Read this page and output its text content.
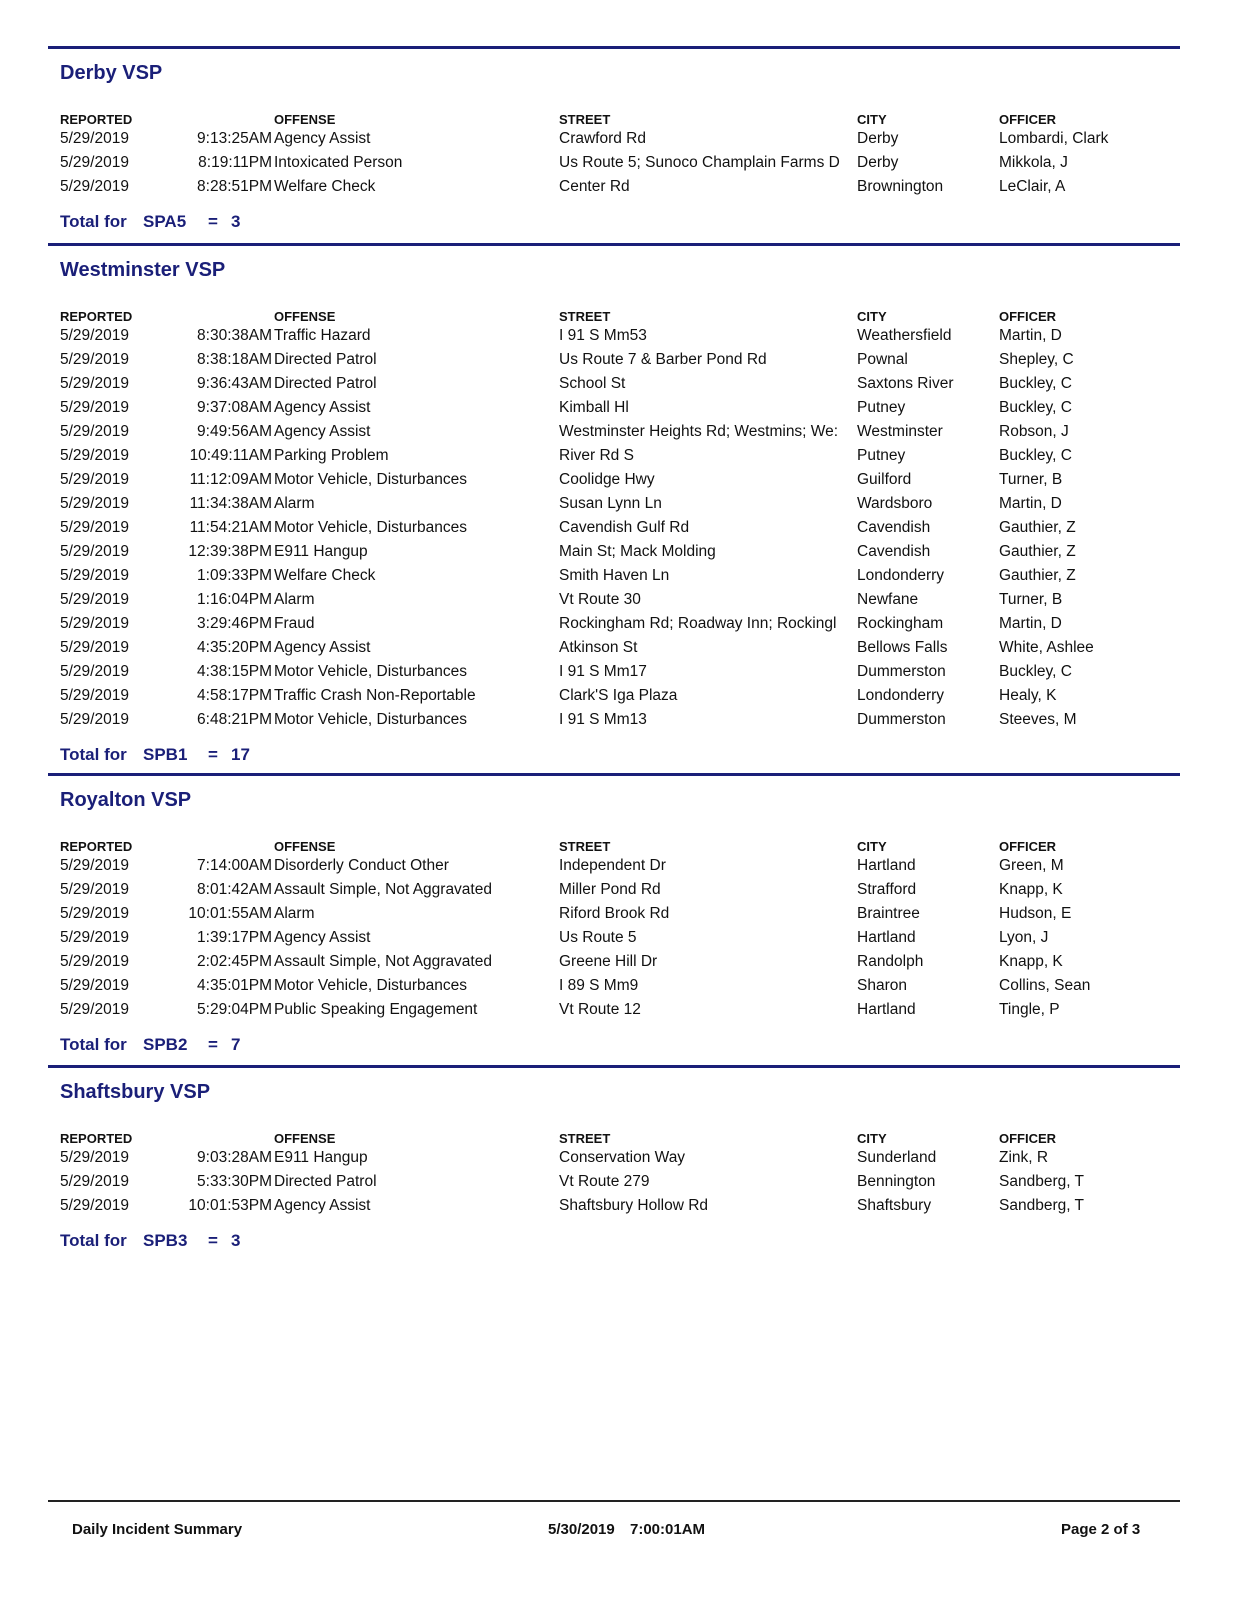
Derby VSP
REPORTED	OFFENSE	STREET	CITY	OFFICER
5/29/2019	9:13:25AM Agency Assist	Crawford Rd	Derby	Lombardi, Clark
5/29/2019	8:19:11PM Intoxicated Person	Us Route 5; Sunoco Champlain Farms D	Derby	Mikkola, J
5/29/2019	8:28:51PM Welfare Check	Center Rd	Brownington	LeClair, A
Total for SPA5 = 3
Westminster VSP
REPORTED	OFFENSE	STREET	CITY	OFFICER
5/29/2019	8:30:38AM Traffic Hazard	I 91 S Mm53	Weathersfield	Martin, D
5/29/2019	8:38:18AM Directed Patrol	Us Route 7 & Barber Pond Rd	Pownal	Shepley, C
5/29/2019	9:36:43AM Directed Patrol	School St	Saxtons River	Buckley, C
5/29/2019	9:37:08AM Agency Assist	Kimball Hl	Putney	Buckley, C
5/29/2019	9:49:56AM Agency Assist	Westminster Heights Rd; Westmins; We:	Westminster	Robson, J
5/29/2019	10:49:11AM Parking Problem	River Rd S	Putney	Buckley, C
5/29/2019	11:12:09AM Motor Vehicle, Disturbances	Coolidge Hwy	Guilford	Turner, B
5/29/2019	11:34:38AM Alarm	Susan Lynn Ln	Wardsboro	Martin, D
5/29/2019	11:54:21AM Motor Vehicle, Disturbances	Cavendish Gulf Rd	Cavendish	Gauthier, Z
5/29/2019	12:39:38PM E911 Hangup	Main St; Mack Molding	Cavendish	Gauthier, Z
5/29/2019	1:09:33PM Welfare Check	Smith Haven Ln	Londonderry	Gauthier, Z
5/29/2019	1:16:04PM Alarm	Vt Route 30	Newfane	Turner, B
5/29/2019	3:29:46PM Fraud	Rockingham Rd; Roadway Inn; Rockingl	Rockingham	Martin, D
5/29/2019	4:35:20PM Agency Assist	Atkinson St	Bellows Falls	White, Ashlee
5/29/2019	4:38:15PM Motor Vehicle, Disturbances	I 91 S Mm17	Dummerston	Buckley, C
5/29/2019	4:58:17PM Traffic Crash Non-Reportable	Clark'S Iga Plaza	Londonderry	Healy, K
5/29/2019	6:48:21PM Motor Vehicle, Disturbances	I 91 S Mm13	Dummerston	Steeves, M
Total for SPB1 = 17
Royalton VSP
REPORTED	OFFENSE	STREET	CITY	OFFICER
5/29/2019	7:14:00AM Disorderly Conduct Other	Independent Dr	Hartland	Green, M
5/29/2019	8:01:42AM Assault Simple, Not Aggravated	Miller Pond Rd	Strafford	Knapp, K
5/29/2019	10:01:55AM Alarm	Riford Brook Rd	Braintree	Hudson, E
5/29/2019	1:39:17PM Agency Assist	Us Route 5	Hartland	Lyon, J
5/29/2019	2:02:45PM Assault Simple, Not Aggravated	Greene Hill Dr	Randolph	Knapp, K
5/29/2019	4:35:01PM Motor Vehicle, Disturbances	I 89 S Mm9	Sharon	Collins, Sean
5/29/2019	5:29:04PM Public Speaking Engagement	Vt Route 12	Hartland	Tingle, P
Total for SPB2 = 7
Shaftsbury VSP
REPORTED	OFFENSE	STREET	CITY	OFFICER
5/29/2019	9:03:28AM E911 Hangup	Conservation Way	Sunderland	Zink, R
5/29/2019	5:33:30PM Directed Patrol	Vt Route 279	Bennington	Sandberg, T
5/29/2019	10:01:53PM Agency Assist	Shaftsbury Hollow Rd	Shaftsbury	Sandberg, T
Total for SPB3 = 3
Daily Incident Summary	5/30/2019 7:00:01AM	Page 2 of 3
